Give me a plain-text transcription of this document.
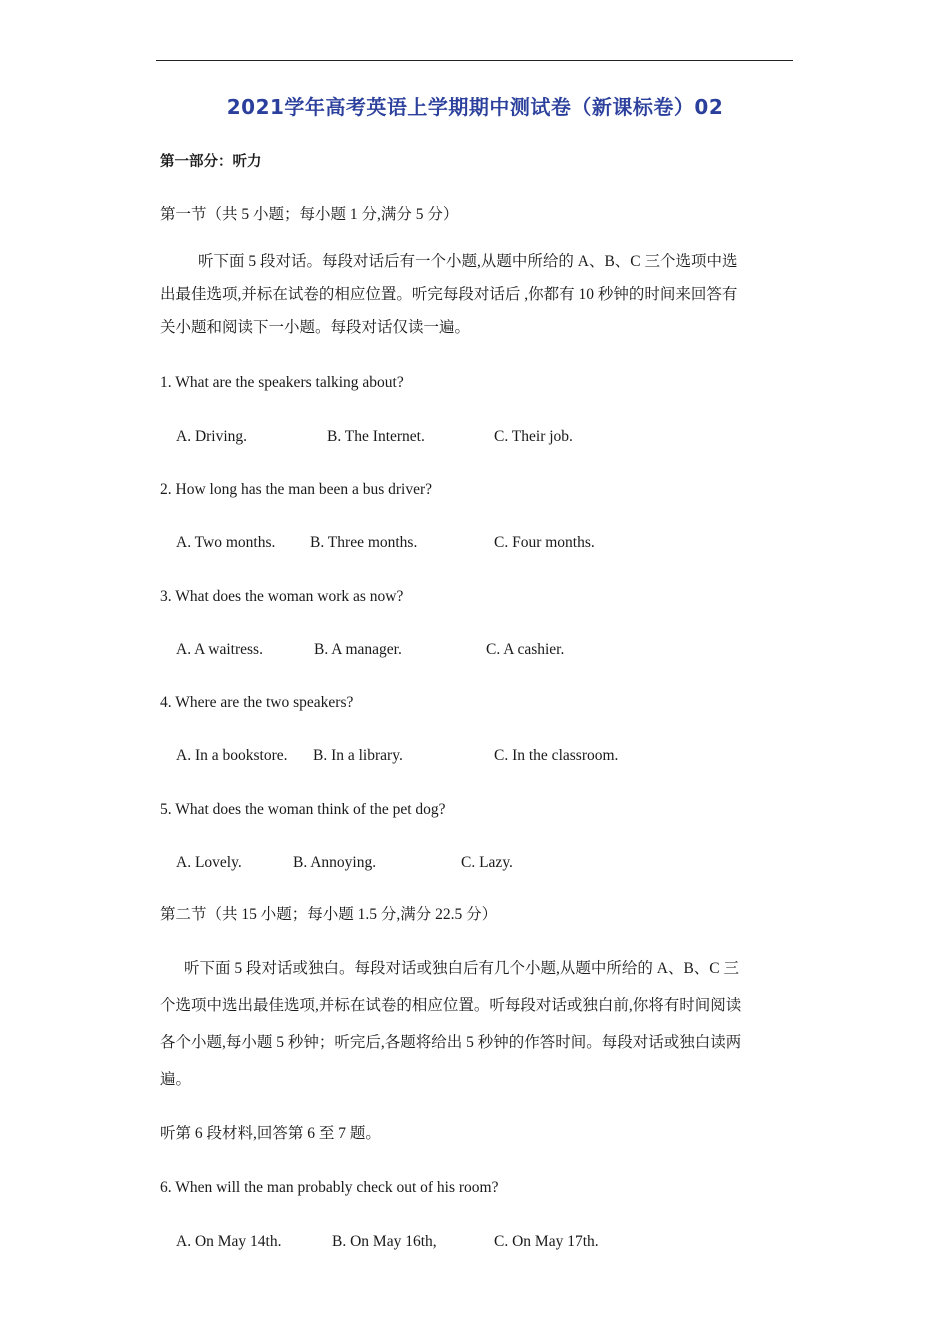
2021学年高考英语上学期期中测试卷（新课标卷）02
第一部分：听力
第一节（共 5 小题；每小题 1 分,满分 5 分）
听下面 5 段对话。每段对话后有一个小题,从题中所给的 A、B、C 三个选项中选
出最佳选项,并标在试卷的相应位置。听完每段对话后 ,你都有 10 秒钟的时间来回答有
关小题和阅读下一小题。每段对话仅读一遍。
1. What are the speakers talking about?
A. Driving.	B. The Internet.	C. Their job.
2. How long has the man been a bus driver?
A. Two months. B. Three months.	C. Four months.
3. What does the woman work as now?
A. A waitress.	B. A manager.	C. A cashier.
4. Where are the two speakers?
A. In a bookstore. B. In a library.	C. In the classroom.
5. What does the woman think of the pet dog?
A. Lovely.	B. Annoying.	C. Lazy.
第二节（共 15 小题；每小题 1.5 分,满分 22.5 分）
听下面 5 段对话或独白。每段对话或独白后有几个小题,从题中所给的 A、B、C 三
个选项中选出最佳选项,并标在试卷的相应位置。听每段对话或独白前,你将有时间阅读
各个小题,每小题 5 秒钟；听完后,各题将给出 5 秒钟的作答时间。每段对话或独白读两
遍。
听第 6 段材料,回答第 6 至 7 题。
6. When will the man probably check out of his room?
A. On May 14th.	B. On May 16th,	C. On May 17th.
